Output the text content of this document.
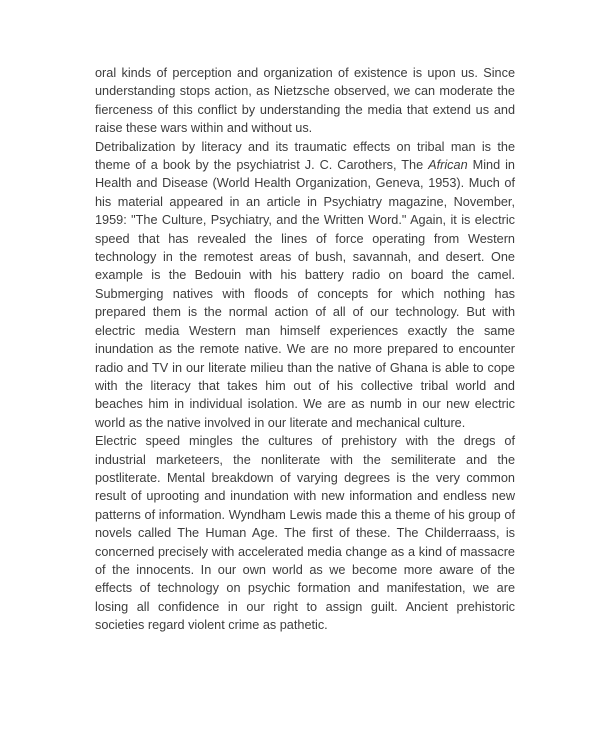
oral kinds of perception and organization of existence is upon us. Since understanding stops action, as Nietzsche observed, we can moderate the fierceness of this conflict by understanding the media that extend us and raise these wars within and without us.

Detribalization by literacy and its traumatic effects on tribal man is the theme of a book by the psychiatrist J. C. Carothers, The African Mind in Health and Disease (World Health Organization, Geneva, 1953). Much of his material appeared in an article in Psychiatry magazine, November, 1959: "The Culture, Psychiatry, and the Written Word." Again, it is electric speed that has revealed the lines of force operating from Western technology in the remotest areas of bush, savannah, and desert. One example is the Bedouin with his battery radio on board the camel. Submerging natives with floods of concepts for which nothing has prepared them is the normal action of all of our technology. But with electric media Western man himself experiences exactly the same inundation as the remote native. We are no more prepared to encounter radio and TV in our literate milieu than the native of Ghana is able to cope with the literacy that takes him out of his collective tribal world and beaches him in individual isolation. We are as numb in our new electric world as the native involved in our literate and mechanical culture.

Electric speed mingles the cultures of prehistory with the dregs of industrial marketeers, the nonliterate with the semiliterate and the postliterate. Mental breakdown of varying degrees is the very common result of uprooting and inundation with new information and endless new patterns of information. Wyndham Lewis made this a theme of his group of novels called The Human Age. The first of these. The Childerraass, is concerned precisely with accelerated media change as a kind of massacre of the innocents. In our own world as we become more aware of the effects of technology on psychic formation and manifestation, we are losing all confidence in our right to assign guilt. Ancient prehistoric societies regard violent crime as pathetic.
